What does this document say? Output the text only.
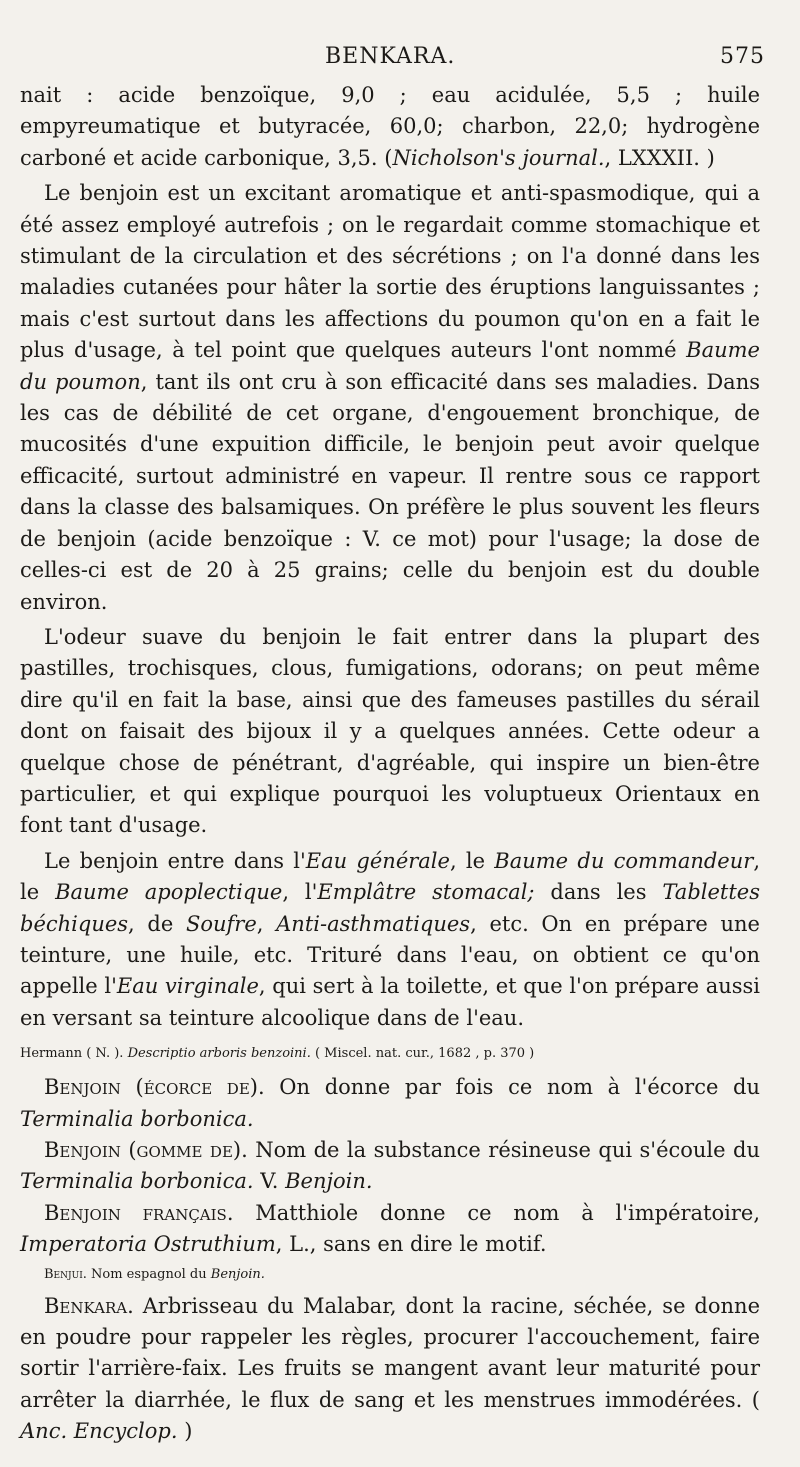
BENKARA.	575

nait : acide benzoïque, 9,0 ; eau acidulée, 5,5 ; huile empyreumatique et butyracée, 60,0; charbon, 22,0; hydrogène carboné et acide carbonique, 3,5. (Nicholson's journal., LXXXII. )

Le benjoin est un excitant aromatique et anti-spasmodique, qui a été assez employé autrefois ; on le regardait comme stomachique et stimulant de la circulation et des sécrétions ; on l'a donné dans les maladies cutanées pour hâter la sortie des éruptions languissantes ; mais c'est surtout dans les affections du poumon qu'on en a fait le plus d'usage, à tel point que quelques auteurs l'ont nommé Baume du poumon, tant ils ont cru à son efficacité dans ses maladies. Dans les cas de débilité de cet organe, d'engouement bronchique, de mucosités d'une expuition difficile, le benjoin peut avoir quelque efficacité, surtout administré en vapeur. Il rentre sous ce rapport dans la classe des balsamiques. On préfère le plus souvent les fleurs de benjoin (acide benzoïque : V. ce mot) pour l'usage; la dose de celles-ci est de 20 à 25 grains; celle du benjoin est du double environ.

L'odeur suave du benjoin le fait entrer dans la plupart des pastilles, trochisques, clous, fumigations, odorans; on peut même dire qu'il en fait la base, ainsi que des fameuses pastilles du sérail dont on faisait des bijoux il y a quelques années. Cette odeur a quelque chose de pénétrant, d'agréable, qui inspire un bien-être particulier, et qui explique pourquoi les voluptueux Orientaux en font tant d'usage.

Le benjoin entre dans l'Eau générale, le Baume du commandeur, le Baume apoplectique, l'Emplâtre stomacal; dans les Tablettes béchiques, de Soufre, Anti-asthmatiques, etc. On en prépare une teinture, une huile, etc. Trituré dans l'eau, on obtient ce qu'on appelle l'Eau virginale, qui sert à la toilette, et que l'on prépare aussi en versant sa teinture alcoolique dans de l'eau.

Hermann ( N. ). Descriptio arboris benzoini. ( Miscel. nat. cur., 1682 , p. 370 )

Benjoin (écorce de). On donne par fois ce nom à l'écorce du Terminalia borbonica.

Benjoin (gomme de). Nom de la substance résineuse qui s'écoule du Terminalia borbonica. V. Benjoin.

Benjoin français. Matthiole donne ce nom à l'impératoire, Imperatoria Ostruthium, L., sans en dire le motif.

Benjui. Nom espagnol du Benjoin.

Benkara. Arbrisseau du Malabar, dont la racine, séchée, se donne en poudre pour rappeler les règles, procurer l'accouchement, faire sortir l'arrière-faix. Les fruits se mangent avant leur maturité pour arrêter la diarrhée, le flux de sang et les menstrues immodérées. ( Anc. Encyclop. )
